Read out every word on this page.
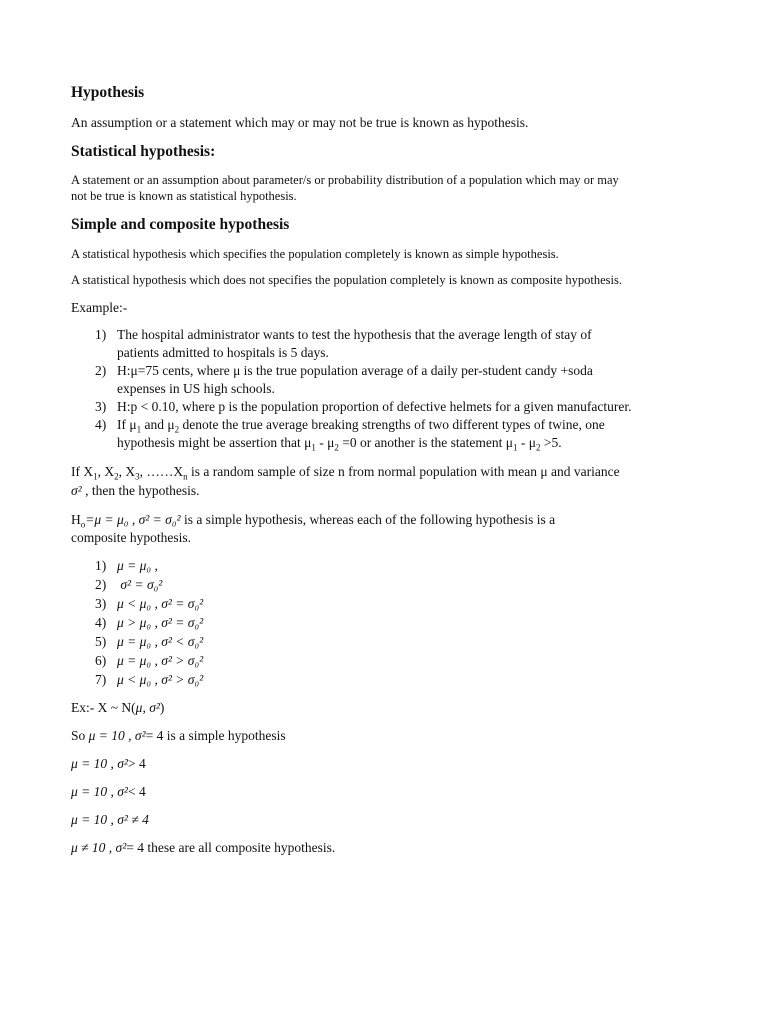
Hypothesis

An assumption or a statement which may or may not be true is known as hypothesis.

Statistical hypothesis:

A statement or an assumption about parameter/s or probability distribution of a population which may or may

not be true is known as statistical hypothesis.

Simple and composite hypothesis

A statistical hypothesis which specifies the population completely is known as simple hypothesis.

A statistical hypothesis which does not specifies the population completely is known as composite hypothesis.

Example:-

1) The hospital administrator wants to test the hypothesis that the average length of stay of
patients admitted to hospitals is 5 days.
2) H:μ=75 cents, where μ is the true population average of a daily per-student candy +soda
expenses in US high schools.
3) H:p < 0.10, where p is the population proportion of defective helmets for a given manufacturer.
4) If $\mu_1$ and $\mu_2$ denote the true average breaking strengths of two different types of twine, one
hypothesis might be assertion that $\mu_1 - \mu_2 =0$ or another is the statement $\mu_1 - \mu_2 >5$.

If $X_1$, $X_2$, $X_3$, $\dots\dots X_n$ is a random sample of size n from normal population with mean μ and variance

σ² , then the hypothesis.

$H_o=\mu = \mu_0$ , σ² = σ₀² is a simple hypothesis, whereas each of the following hypothesis is a

composite hypothesis.

1) μ = μ₀ ,

2) σ² = σ₀²

3) μ < μ₀ , σ² = σ₀²

4) μ > μ₀ , σ² = σ₀²

5) μ = μ₀ , σ² < σ₀²

6) μ = μ₀ , σ² > σ₀²

7) μ < μ₀ , σ² > σ₀²

Ex:- X ~ N(μ, σ²)

So μ = 10 , σ²= 4 is a simple hypothesis

μ = 10 , σ²> 4

μ = 10 , σ²< 4

μ = 10 , σ² ≠ 4

μ ≠ 10 , σ²= 4 these are all composite hypothesis.
